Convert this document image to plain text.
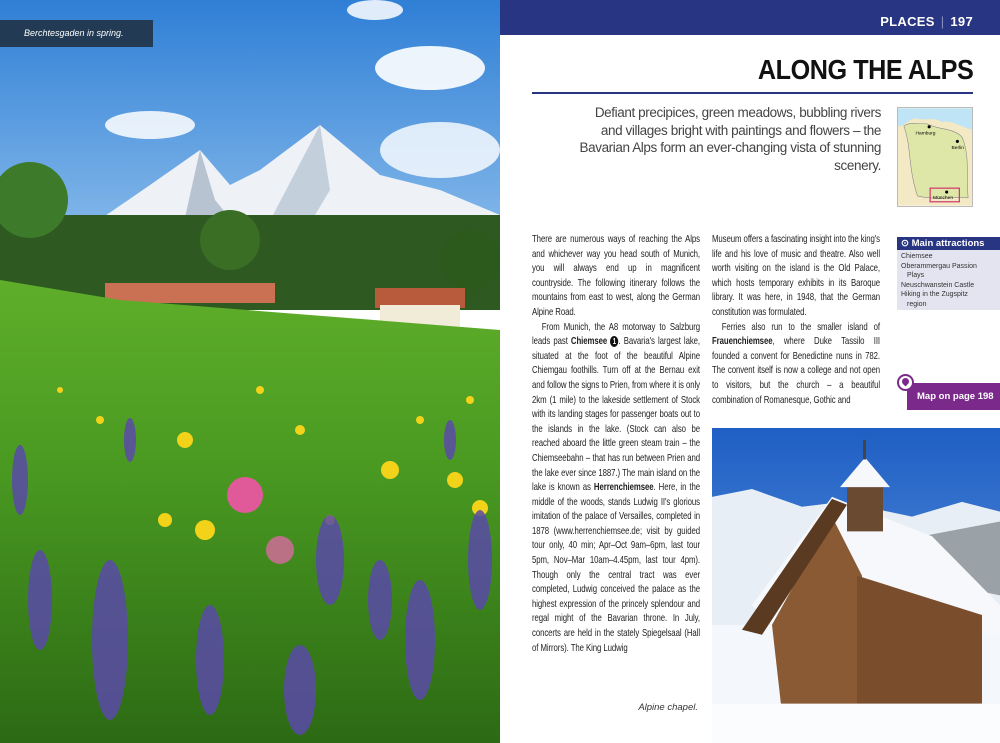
Berchtesgaden in spring.
PLACES | 197
ALONG THE ALPS
Defiant precipices, green meadows, bubbling rivers and villages bright with paintings and flowers – the Bavarian Alps form an ever-changing vista of stunning scenery.
Hamburg
Berlin
München

There are numerous ways of reaching the Alps and whichever way you head south of Munich, you will always end up in magnificent countryside. The following itinerary follows the mountains from east to west, along the German Alpine Road.

From Munich, the A8 motorway to Salzburg leads past Chiemsee 1 . Bavaria's largest lake, situated at the foot of the beautiful Alpine Chiemgau foothills. Turn off at the Bernau exit and follow the signs to Prien, from where it is only 2km (1 mile) to the lakeside settlement of Stock with its landing stages for passenger boats out to the islands in the lake. (Stock can also be reached aboard the little green steam train – the Chiemseebahn – that has run between Prien and the lake ever since 1887.) The main island on the lake is known as Herrenchiemsee. Here, in the middle of the woods, stands Ludwig II's glorious imitation of the palace of Versailles, completed in 1878 (www.herrenchiemsee.de; visit by guided tour only, 40 min; Apr–Oct 9am–6pm, last tour 5pm, Nov–Mar 10am–4.45pm, last tour 4pm). Though only the central tract was ever completed, Ludwig conceived the palace as the highest expression of the princely splendour and regal might of the Bavarian throne. In July, concerts are held in the stately Spiegelsaal (Hall of Mirrors). The King Ludwig

Museum offers a fascinating insight into the king's life and his love of music and theatre. Also well worth visiting on the island is the Old Palace, which hosts temporary exhibits in its Baroque library. It was here, in 1948, that the German constitution was formulated.

Ferries also run to the smaller island of Frauenchiemsee, where Duke Tassilo III founded a convent for Benedictine nuns in 782. The convent itself is now a college and not open to visitors, but the church – a beautiful combination of Romanesque, Gothic and

⊙ Main attractions
Chiemsee
Oberammergau Passion
Plays
Neuschwanstein Castle
Hiking in the Zugspitz
region
Map on page 198
Alpine chapel.
